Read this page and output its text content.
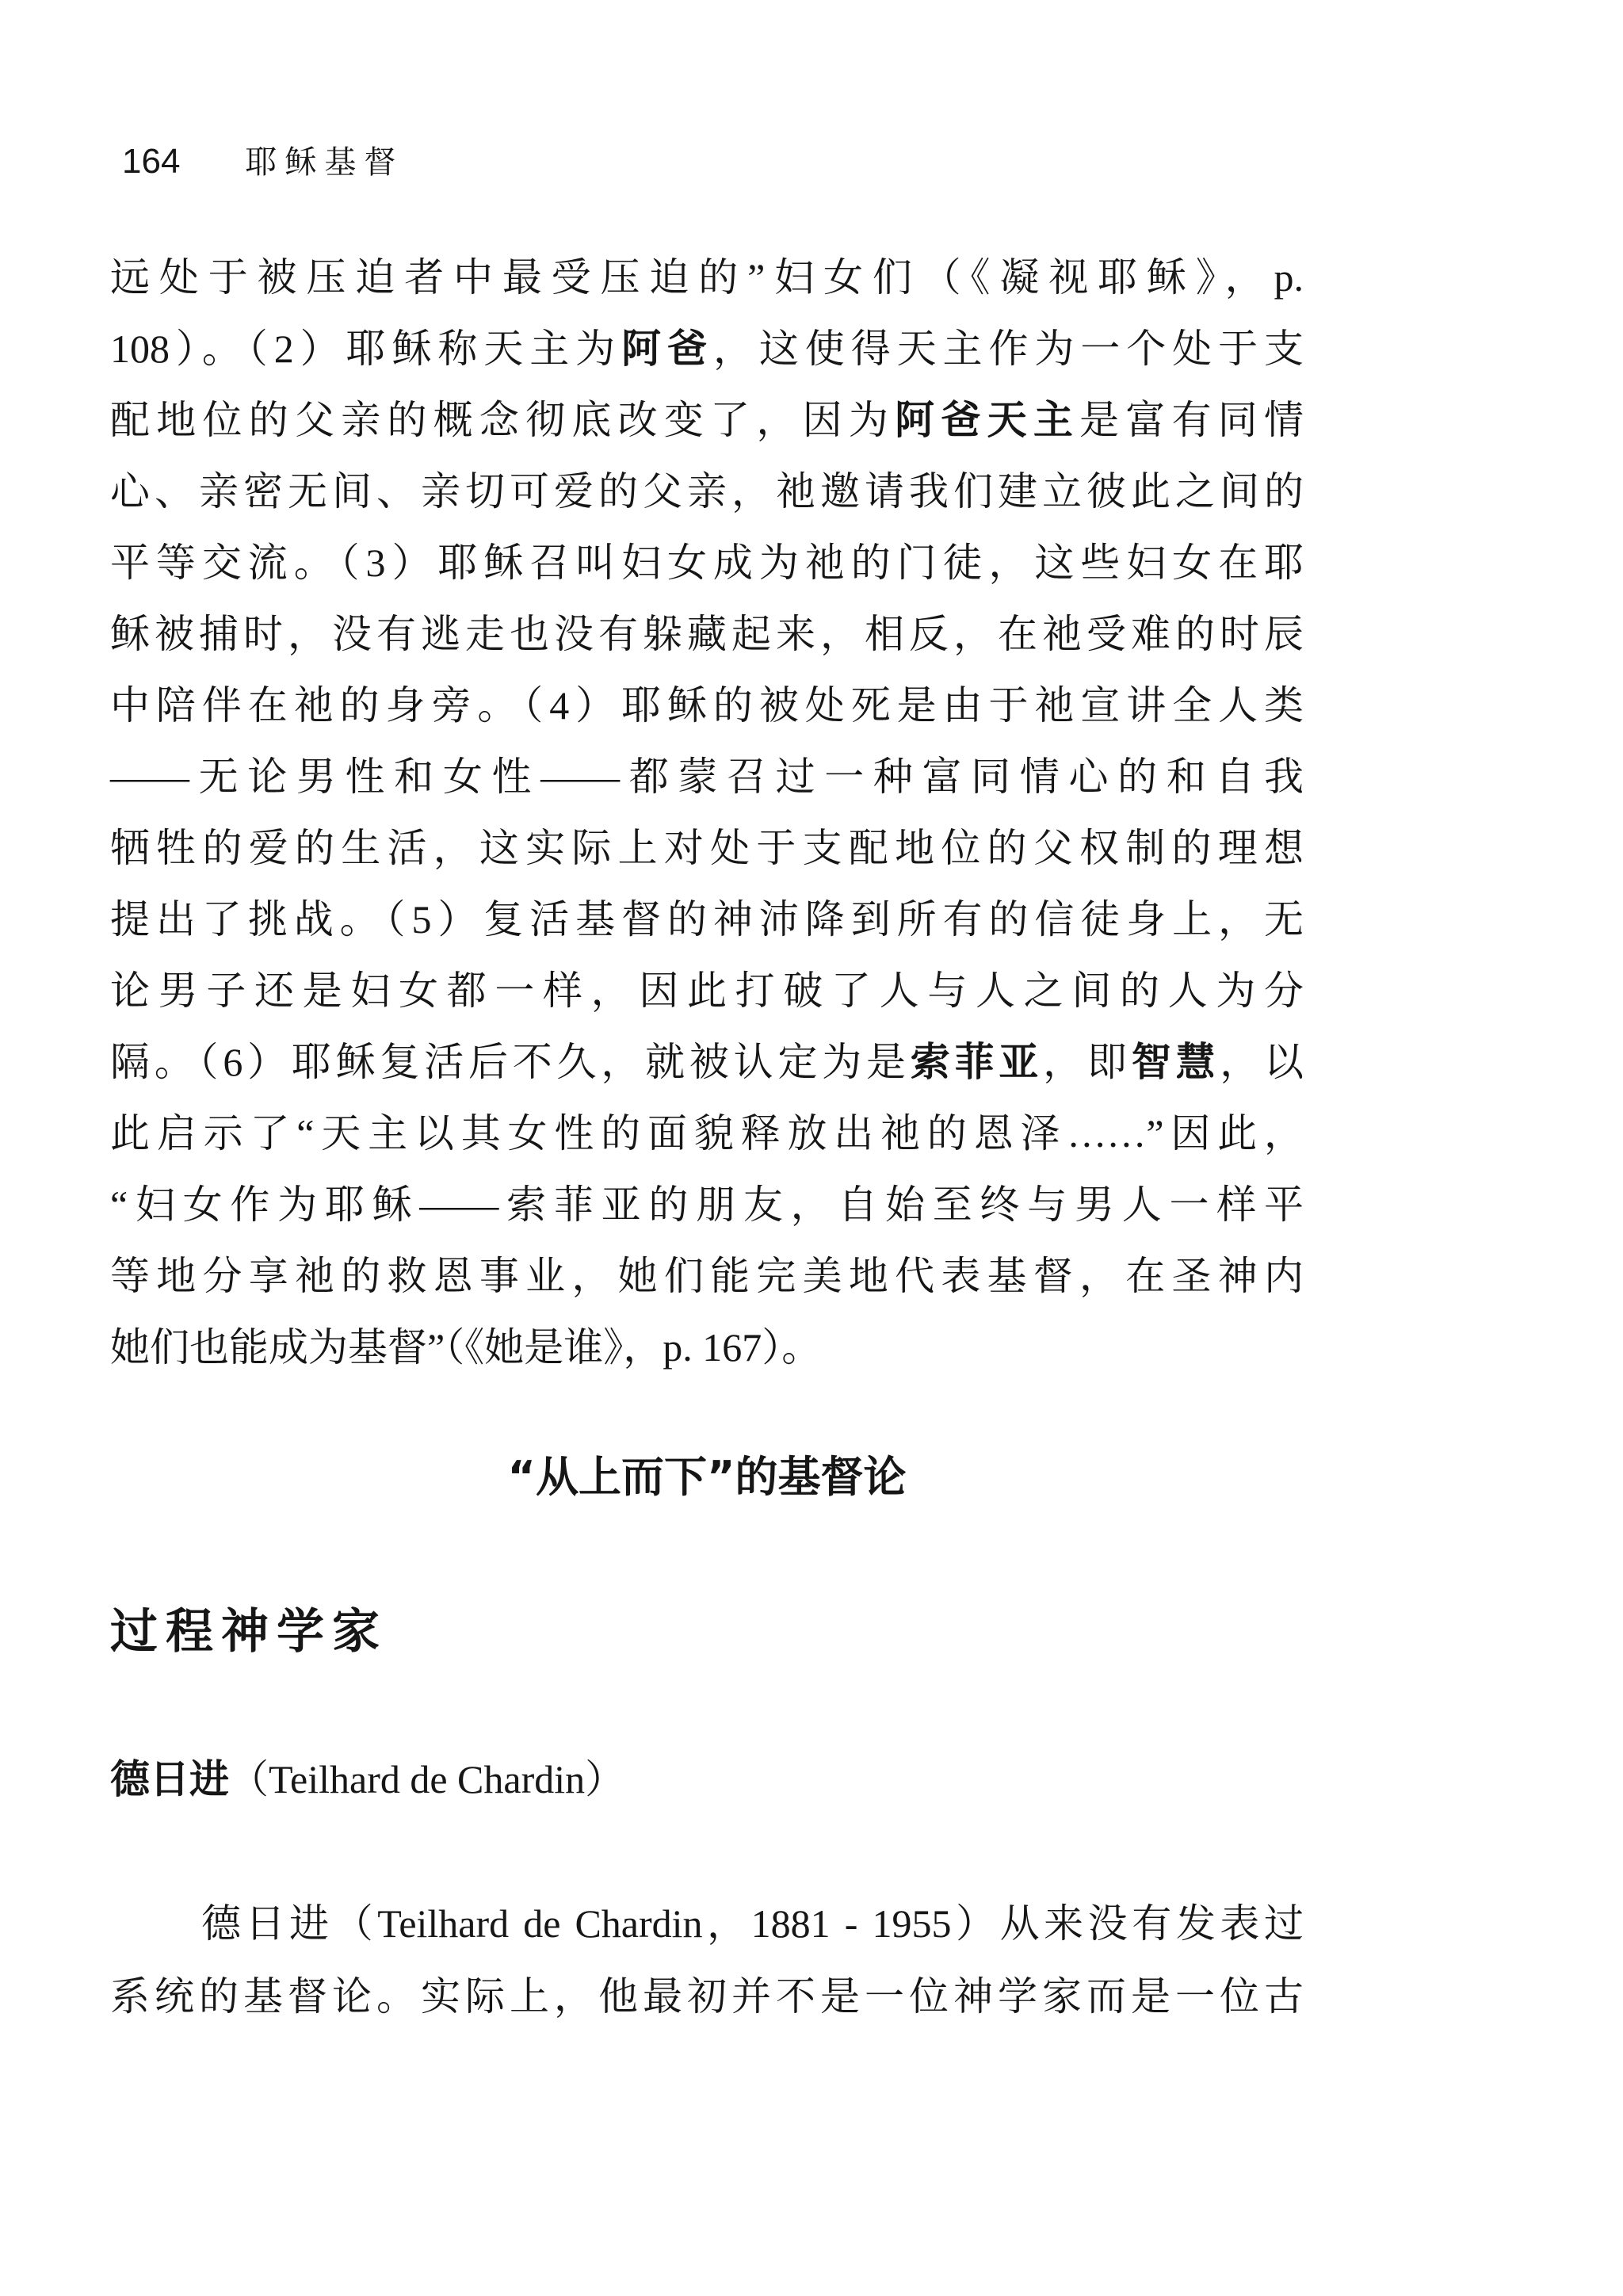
164 耶稣基督
远处于被压迫者中最受压迫的”妇女们（《凝视耶稣》，p.
108）。（2）耶稣称天主为阿爸，这使得天主作为一个处于支
配地位的父亲的概念彻底改变了，因为阿爸天主是富有同情
心、亲密无间、亲切可爱的父亲，祂邀请我们建立彼此之间的
平等交流。（3）耶稣召叫妇女成为祂的门徒，这些妇女在耶
稣被捕时，没有逃走也没有躲藏起来，相反，在祂受难的时辰
中陪伴在祂的身旁。（4）耶稣的被处死是由于祂宣讲全人类
——无论男性和女性——都蒙召过一种富同情心的和自我
牺牲的爱的生活，这实际上对处于支配地位的父权制的理想
提出了挑战。（5）复活基督的神沛降到所有的信徒身上，无
论男子还是妇女都一样，因此打破了人与人之间的人为分
隔。（6）耶稣复活后不久，就被认定为是索菲亚，即智慧，以
此启示了“天主以其女性的面貌释放出祂的恩泽……”因此，
“妇女作为耶稣——索菲亚的朋友，自始至终与男人一样平
等地分享祂的救恩事业，她们能完美地代表基督，在圣神内
她们也能成为基督”（《她是谁》，p. 167）。
“从上而下”的基督论
过程神学家
德日进（Teilhard de Chardin）
德日进（Teilhard de Chardin，1881 - 1955）从来没有发表过
系统的基督论。实际上，他最初并不是一位神学家而是一位古
